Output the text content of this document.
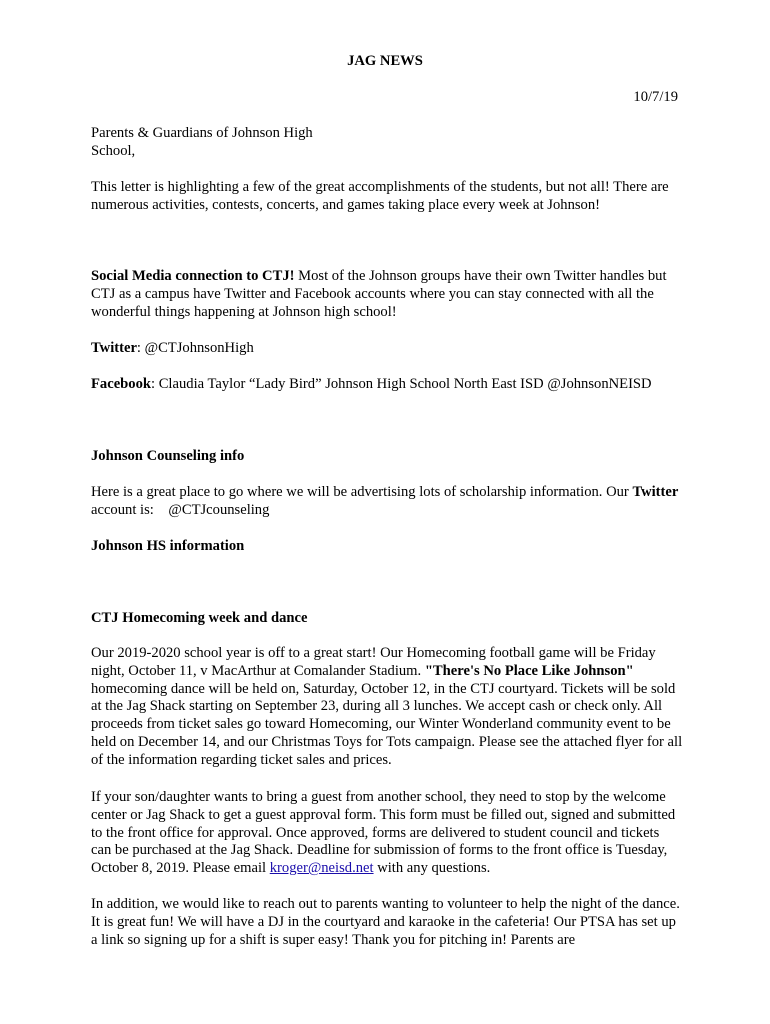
JAG NEWS
10/7/19

Parents & Guardians of Johnson High
School,

This letter is highlighting a few of the great accomplishments of the students, but not all! There are numerous activities, contests, concerts, and games taking place every week at Johnson!

Social Media connection to CTJ! Most of the Johnson groups have their own Twitter handles but CTJ as a campus have Twitter and Facebook accounts where you can stay connected with all the wonderful things happening at Johnson high school!

Twitter: @CTJohnsonHigh

Facebook: Claudia Taylor “Lady Bird” Johnson High School North East ISD @JohnsonNEISD

Johnson Counseling info

Here is a great place to go where we will be advertising lots of scholarship information. Our Twitter account is:    @CTJcounseling

Johnson HS information

CTJ Homecoming week and dance

Our 2019-2020 school year is off to a great start! Our Homecoming football game will be Friday night, October 11, v MacArthur at Comalander Stadium. "There's No Place Like Johnson" homecoming dance will be held on, Saturday, October 12, in the CTJ courtyard. Tickets will be sold at the Jag Shack starting on September 23, during all 3 lunches. We accept cash or check only. All proceeds from ticket sales go toward Homecoming, our Winter Wonderland community event to be held on December 14, and our Christmas Toys for Tots campaign. Please see the attached flyer for all of the information regarding ticket sales and prices.

If your son/daughter wants to bring a guest from another school, they need to stop by the welcome center or Jag Shack to get a guest approval form. This form must be filled out, signed and submitted to the front office for approval. Once approved, forms are delivered to student council and tickets can be purchased at the Jag Shack. Deadline for submission of forms to the front office is Tuesday, October 8, 2019. Please email kroger@neisd.net with any questions.

In addition, we would like to reach out to parents wanting to volunteer to help the night of the dance. It is great fun! We will have a DJ in the courtyard and karaoke in the cafeteria! Our PTSA has set up a link so signing up for a shift is super easy! Thank you for pitching in! Parents are
